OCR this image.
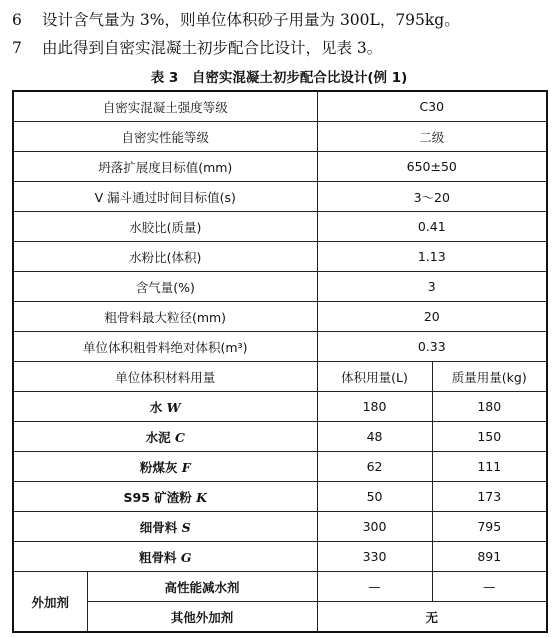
6 设计含气量为 3%，则单位体积砂子用量为 300L，795kg。
7 由此得到自密实混凝土初步配合比设计，见表 3。
表 3　自密实混凝土初步配合比设计(例 1)
自密实混凝土强度等级		C30	
自密实性能等级		二级	
坍落扩展度目标值(mm)		650±50	
V 漏斗通过时间目标值(s)		3～20	
水胶比(质量)		0.41	
水粉比(体积)		1.13	
含气量(%)		3	
粗骨料最大粒径(mm)		20	
单位体积粗骨料绝对体积(m³)		0.33	
单位体积材料用量		体积用量(L)	质量用量(kg)
水 W		180	180
水泥 C		48	150
粉煤灰 F		62	111
S95 矿渣粉 K		50	173
细骨料 S		300	795
粗骨料 G		330	891
外加剂	高性能减水剂	—	—
	其他外加剂	无	
